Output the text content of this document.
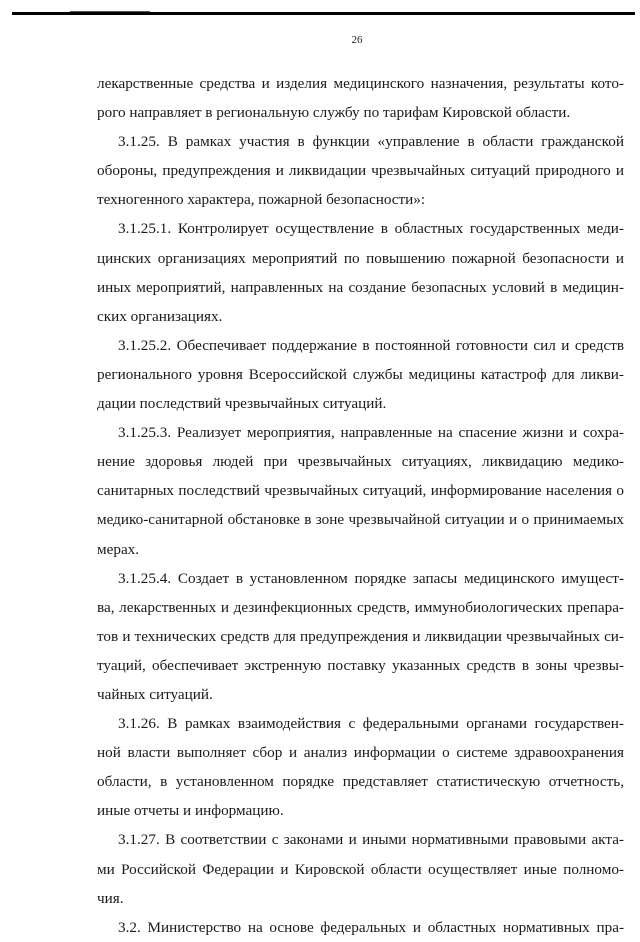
26
лекарственные средства и изделия медицинского назначения, результаты кото-
рого направляет в региональную службу по тарифам Кировской области.
3.1.25. В рамках участия в функции «управление в области гражданской
обороны, предупреждения и ликвидации чрезвычайных ситуаций природного и
техногенного характера, пожарной безопасности»:
3.1.25.1. Контролирует осуществление в областных государственных меди-
цинских организациях мероприятий по повышению пожарной безопасности и
иных мероприятий, направленных на создание безопасных условий в медицин-
ских организациях.
3.1.25.2. Обеспечивает поддержание в постоянной готовности сил и средств
регионального уровня Всероссийской службы медицины катастроф для ликви-
дации последствий чрезвычайных ситуаций.
3.1.25.3. Реализует мероприятия, направленные на спасение жизни и сохра-
нение здоровья людей при чрезвычайных ситуациях, ликвидацию медико-
санитарных последствий чрезвычайных ситуаций, информирование населения о
медико-санитарной обстановке в зоне чрезвычайной ситуации и о принимаемых
мерах.
3.1.25.4. Создает в установленном порядке запасы медицинского имущест-
ва, лекарственных и дезинфекционных средств, иммунобиологических препара-
тов и технических средств для предупреждения и ликвидации чрезвычайных си-
туаций, обеспечивает экстренную поставку указанных средств в зоны чрезвы-
чайных ситуаций.
3.1.26. В рамках взаимодействия с федеральными органами государствен-
ной власти выполняет сбор и анализ информации о системе здравоохранения
области, в установленном порядке представляет статистическую отчетность,
иные отчеты и информацию.
3.1.27. В соответствии с законами и иными нормативными правовыми акта-
ми Российской Федерации и Кировской области осуществляет иные полномо-
чия.
3.2. Министерство на основе федеральных и областных нормативных пра-
